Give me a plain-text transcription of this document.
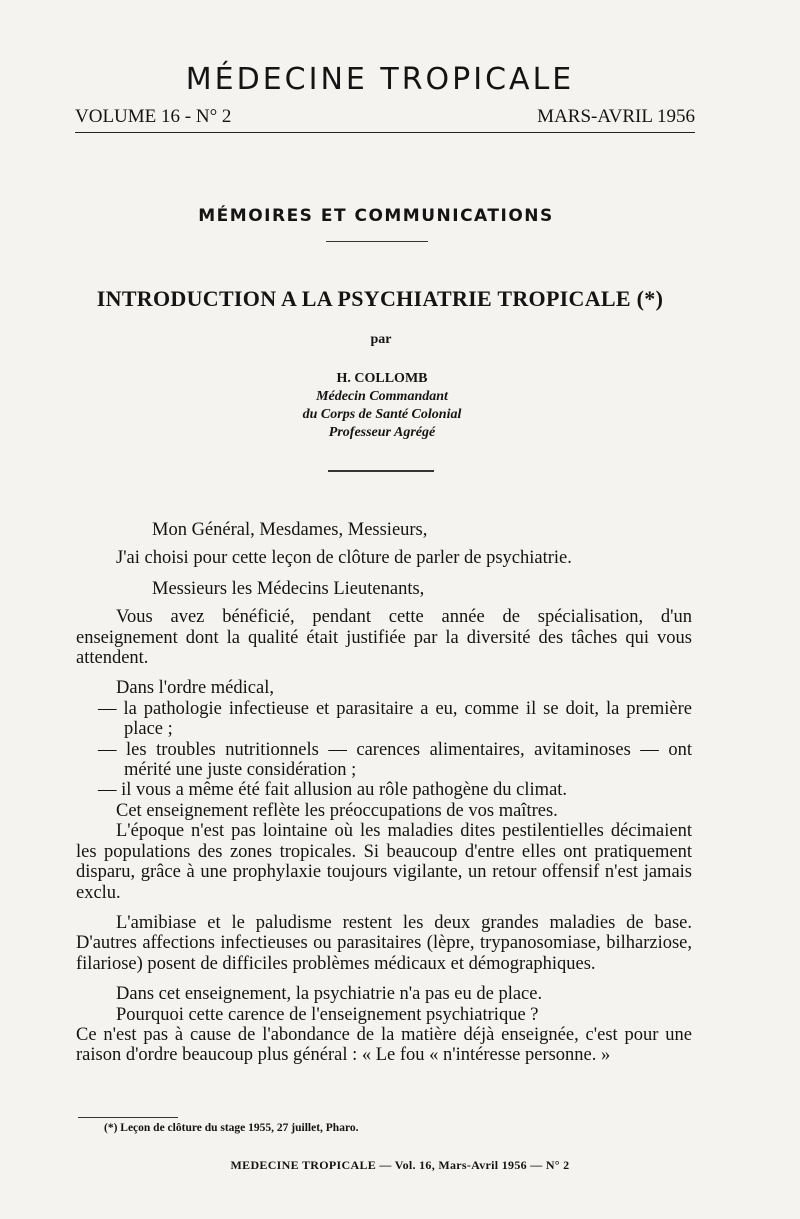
MÉDECINE TROPICALE
VOLUME 16 - N° 2	MARS-AVRIL 1956
MÉMOIRES ET COMMUNICATIONS
INTRODUCTION A LA PSYCHIATRIE TROPICALE (*)
par
H. COLLOMB
Médecin Commandant
du Corps de Santé Colonial
Professeur Agrégé

Mon Général, Mesdames, Messieurs,

J'ai choisi pour cette leçon de clôture de parler de psychiatrie.

Messieurs les Médecins Lieutenants,

Vous avez bénéficié, pendant cette année de spécialisation, d'un enseignement dont la qualité était justifiée par la diversité des tâches qui vous attendent.

Dans l'ordre médical,

— la pathologie infectieuse et parasitaire a eu, comme il se doit, la première place ;

— les troubles nutritionnels — carences alimentaires, avitaminoses — ont mérité une juste considération ;

— il vous a même été fait allusion au rôle pathogène du climat.

Cet enseignement reflète les préoccupations de vos maîtres.

L'époque n'est pas lointaine où les maladies dites pestilentielles décimaient les populations des zones tropicales. Si beaucoup d'entre elles ont pratiquement disparu, grâce à une prophylaxie toujours vigilante, un retour offensif n'est jamais exclu.

L'amibiase et le paludisme restent les deux grandes maladies de base. D'autres affections infectieuses ou parasitaires (lèpre, trypanosomiase, bilharziose, filariose) posent de difficiles problèmes médicaux et démographiques.

Dans cet enseignement, la psychiatrie n'a pas eu de place.

Pourquoi cette carence de l'enseignement psychiatrique ?

Ce n'est pas à cause de l'abondance de la matière déjà enseignée, c'est pour une raison d'ordre beaucoup plus général : « Le fou « n'intéresse personne. »

(*) Leçon de clôture du stage 1955, 27 juillet, Pharo.
MEDECINE TROPICALE — Vol. 16, Mars-Avril 1956 — N° 2
